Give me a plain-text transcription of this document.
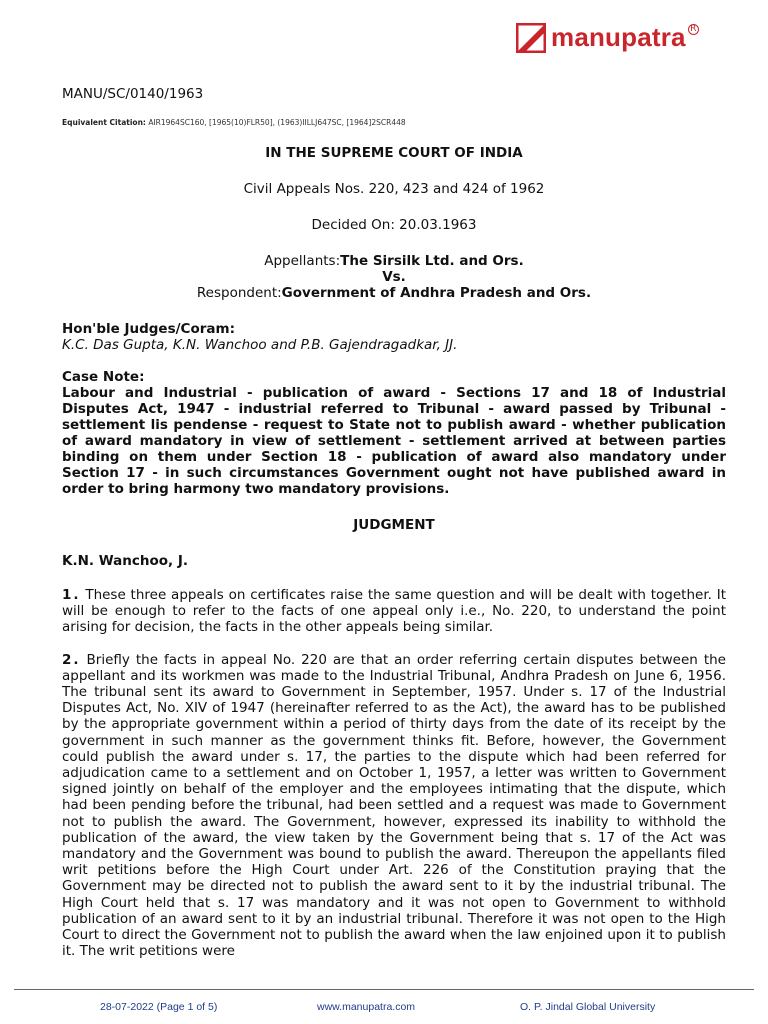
manupatra R

MANU/SC/0140/1963

Equivalent Citation: AIR1964SC160, [1965(10)FLR50], (1963)IILLJ647SC, [1964]2SCR448

IN THE SUPREME COURT OF INDIA

Civil Appeals Nos. 220, 423 and 424 of 1962

Decided On: 20.03.1963

Appellants:The Sirsilk Ltd. and Ors.
Vs.
Respondent:Government of Andhra Pradesh and Ors.

Hon'ble Judges/Coram:

K.C. Das Gupta, K.N. Wanchoo and P.B. Gajendragadkar, JJ.

Case Note:

Labour and Industrial - publication of award - Sections 17 and 18 of Industrial Disputes Act, 1947 - industrial referred to Tribunal - award passed by Tribunal - settlement lis pendense - request to State not to publish award - whether publication of award mandatory in view of settlement - settlement arrived at between parties binding on them under Section 18 - publication of award also mandatory under Section 17 - in such circumstances Government ought not have published award in order to bring harmony two mandatory provisions.

JUDGMENT

K.N. Wanchoo, J.

1. These three appeals on certificates raise the same question and will be dealt with together. It will be enough to refer to the facts of one appeal only i.e., No. 220, to understand the point arising for decision, the facts in the other appeals being similar.

2. Briefly the facts in appeal No. 220 are that an order referring certain disputes between the appellant and its workmen was made to the Industrial Tribunal, Andhra Pradesh on June 6, 1956. The tribunal sent its award to Government in September, 1957. Under s. 17 of the Industrial Disputes Act, No. XIV of 1947 (hereinafter referred to as the Act), the award has to be published by the appropriate government within a period of thirty days from the date of its receipt by the government in such manner as the government thinks fit. Before, however, the Government could publish the award under s. 17, the parties to the dispute which had been referred for adjudication came to a settlement and on October 1, 1957, a letter was written to Government signed jointly on behalf of the employer and the employees intimating that the dispute, which had been pending before the tribunal, had been settled and a request was made to Government not to publish the award. The Government, however, expressed its inability to withhold the publication of the award, the view taken by the Government being that s. 17 of the Act was mandatory and the Government was bound to publish the award. Thereupon the appellants filed writ petitions before the High Court under Art. 226 of the Constitution praying that the Government may be directed not to publish the award sent to it by the industrial tribunal. The High Court held that s. 17 was mandatory and it was not open to Government to withhold publication of an award sent to it by an industrial tribunal. Therefore it was not open to the High Court to direct the Government not to publish the award when the law enjoined upon it to publish it. The writ petitions were

28-07-2022 (Page 1 of 5)	www.manupatra.com	O. P. Jindal Global University
